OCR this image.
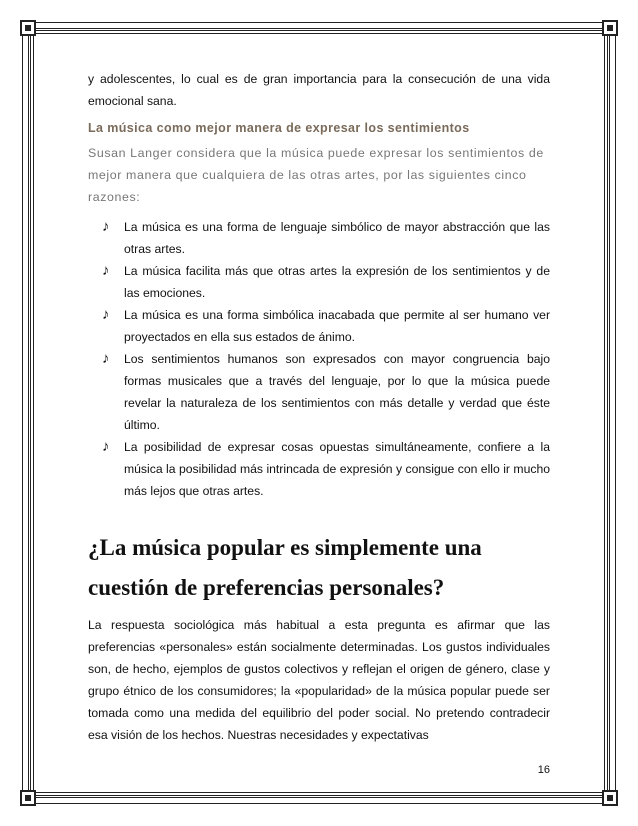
y adolescentes, lo cual es de gran importancia para la consecución de una vida emocional sana.

La música como mejor manera de expresar los sentimientos

Susan Langer considera que la música puede expresar los sentimientos de mejor manera que cualquiera de las otras artes, por las siguientes cinco razones:

♪ La música es una forma de lenguaje simbólico de mayor abstracción que las otras artes.
♪ La música facilita más que otras artes la expresión de los sentimientos y de las emociones.
♪ La música es una forma simbólica inacabada que permite al ser humano ver proyectados en ella sus estados de ánimo.
♪ Los sentimientos humanos son expresados con mayor congruencia bajo formas musicales que a través del lenguaje, por lo que la música puede revelar la naturaleza de los sentimientos con más detalle y verdad que éste último.
♪ La posibilidad de expresar cosas opuestas simultáneamente, confiere a la música la posibilidad más intrincada de expresión y consigue con ello ir mucho más lejos que otras artes.
¿La música popular es simplemente una cuestión de preferencias personales?

La respuesta sociológica más habitual a esta pregunta es afirmar que las preferencias «personales» están socialmente determinadas. Los gustos individuales son, de hecho, ejemplos de gustos colectivos y reflejan el origen de género, clase y grupo étnico de los consumidores; la «popularidad» de la música popular puede ser tomada como una medida del equilibrio del poder social. No pretendo contradecir esa visión de los hechos. Nuestras necesidades y expectativas

16
